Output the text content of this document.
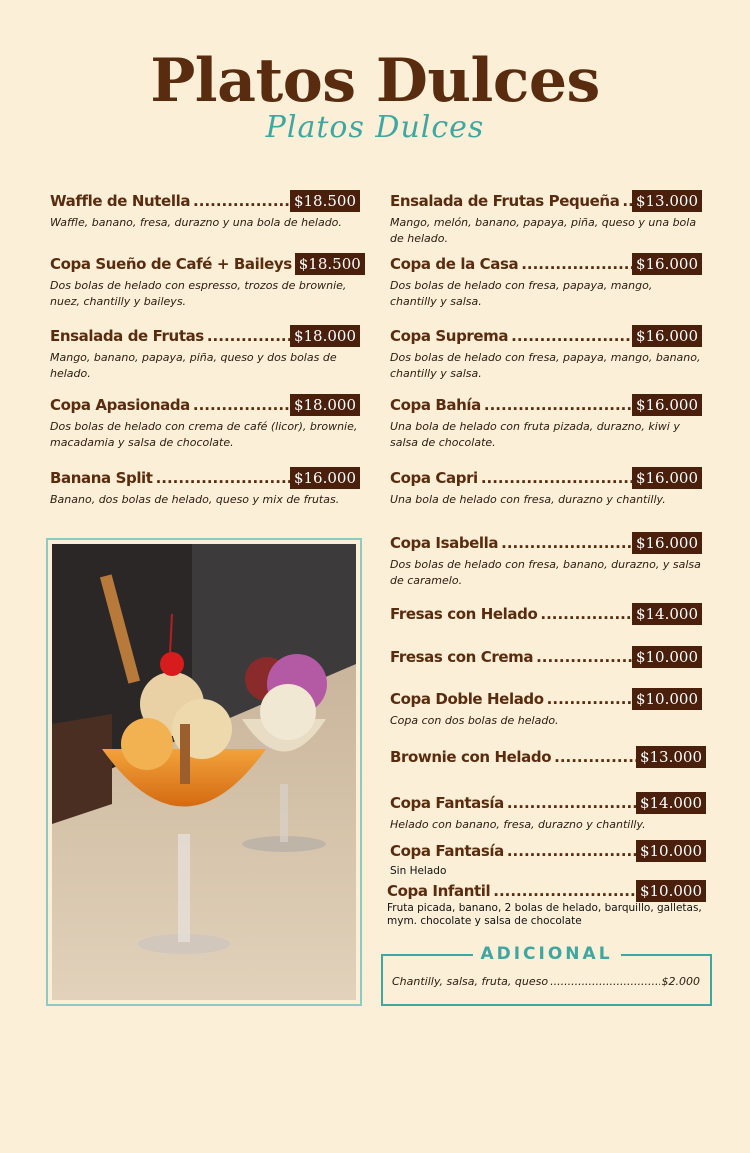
Platos Dulces
Platos Dulces
Waffle de Nutella .....	$18.500
Waffle, banano, fresa, durazno y una bola de helado.
Copa Sueño de Café + Baileys $18.500
Dos bolas de helado con espresso, trozos de brownie, nuez, chantilly y baileys.
Ensalada de Frutas .....	$18.000
Mango, banano, papaya, piña, queso y dos bolas de helado.
Copa Apasionada .....	$18.000
Dos bolas de helado con crema de café (licor), brownie, macadamia y salsa de chocolate.
Banana Split .....	$16.000
Banano, dos bolas de helado, queso y mix de frutas.
Ensalada de Frutas Pequeña ..... $13.000
Mango, melón, banano, papaya, piña, queso y una bola de helado.
Copa de la Casa .....	$16.000
Dos bolas de helado con fresa, papaya, mango, chantilly y salsa.
Copa Suprema .....	$16.000
Dos bolas de helado con fresa, papaya, mango, banano, chantilly y salsa.
Copa Bahía .....	$16.000
Una bola de helado con fruta pizada, durazno, kiwi y salsa de chocolate.
Copa Capri .....	$16.000
Una bola de helado con fresa, durazno y chantilly.
Copa Isabella .....	$16.000
Dos bolas de helado con fresa, banano, durazno, y salsa de caramelo.
Fresas con Helado .....	$14.000
Fresas con Crema .....	$10.000
Copa Doble Helado .....	$10.000
Copa con dos bolas de helado.
Brownie con Helado .....	$13.000
Copa Fantasía .....	$14.000
Helado con banano, fresa, durazno y chantilly.
Copa Fantasía .....	$10.000
Sin Helado
Copa Infantil .....	$10.000
Fruta picada, banano, 2 bolas de helado, barquillo, galletas, mym. chocolate y salsa de chocolate
ADICIONAL
Chantilly, salsa, fruta, queso .....	$2.000
